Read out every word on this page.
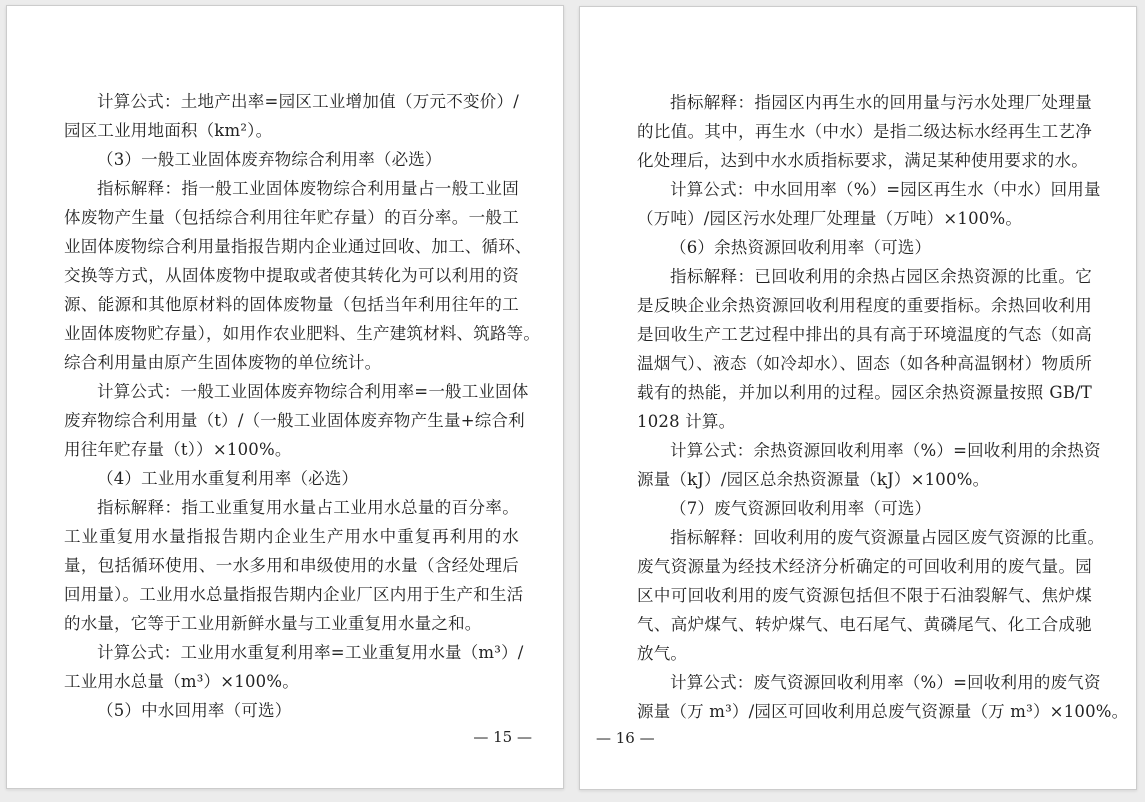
计算公式：土地产出率=园区工业增加值（万元不变价）/
园区工业用地面积（km²）。
（3）一般工业固体废弃物综合利用率（必选）
指标解释：指一般工业固体废物综合利用量占一般工业固
体废物产生量（包括综合利用往年贮存量）的百分率。一般工
业固体废物综合利用量指报告期内企业通过回收、加工、循环、
交换等方式，从固体废物中提取或者使其转化为可以利用的资
源、能源和其他原材料的固体废物量（包括当年利用往年的工
业固体废物贮存量），如用作农业肥料、生产建筑材料、筑路等。
综合利用量由原产生固体废物的单位统计。
计算公式：一般工业固体废弃物综合利用率=一般工业固体
废弃物综合利用量（t）/（一般工业固体废弃物产生量+综合利
用往年贮存量（t））×100%。
（4）工业用水重复利用率（必选）
指标解释：指工业重复用水量占工业用水总量的百分率。
工业重复用水量指报告期内企业生产用水中重复再利用的水
量，包括循环使用、一水多用和串级使用的水量（含经处理后
回用量）。工业用水总量指报告期内企业厂区内用于生产和生活
的水量，它等于工业用新鲜水量与工业重复用水量之和。
计算公式：工业用水重复利用率=工业重复用水量（m³）/
工业用水总量（m³）×100%。
（5）中水回用率（可选）
— 15 —
指标解释：指园区内再生水的回用量与污水处理厂处理量
的比值。其中，再生水（中水）是指二级达标水经再生工艺净
化处理后，达到中水水质指标要求，满足某种使用要求的水。
计算公式：中水回用率（%）=园区再生水（中水）回用量
（万吨）/园区污水处理厂处理量（万吨）×100%。
（6）余热资源回收利用率（可选）
指标解释：已回收利用的余热占园区余热资源的比重。它
是反映企业余热资源回收利用程度的重要指标。余热回收利用
是回收生产工艺过程中排出的具有高于环境温度的气态（如高
温烟气）、液态（如冷却水）、固态（如各种高温钢材）物质所
载有的热能，并加以利用的过程。园区余热资源量按照 GB/T
1028 计算。
计算公式：余热资源回收利用率（%）=回收利用的余热资
源量（kJ）/园区总余热资源量（kJ）×100%。
（7）废气资源回收利用率（可选）
指标解释：回收利用的废气资源量占园区废气资源的比重。
废气资源量为经技术经济分析确定的可回收利用的废气量。园
区中可回收利用的废气资源包括但不限于石油裂解气、焦炉煤
气、高炉煤气、转炉煤气、电石尾气、黄磷尾气、化工合成驰
放气。
计算公式：废气资源回收利用率（%）=回收利用的废气资
源量（万 m³）/园区可回收利用总废气资源量（万 m³）×100%。
— 16 —
